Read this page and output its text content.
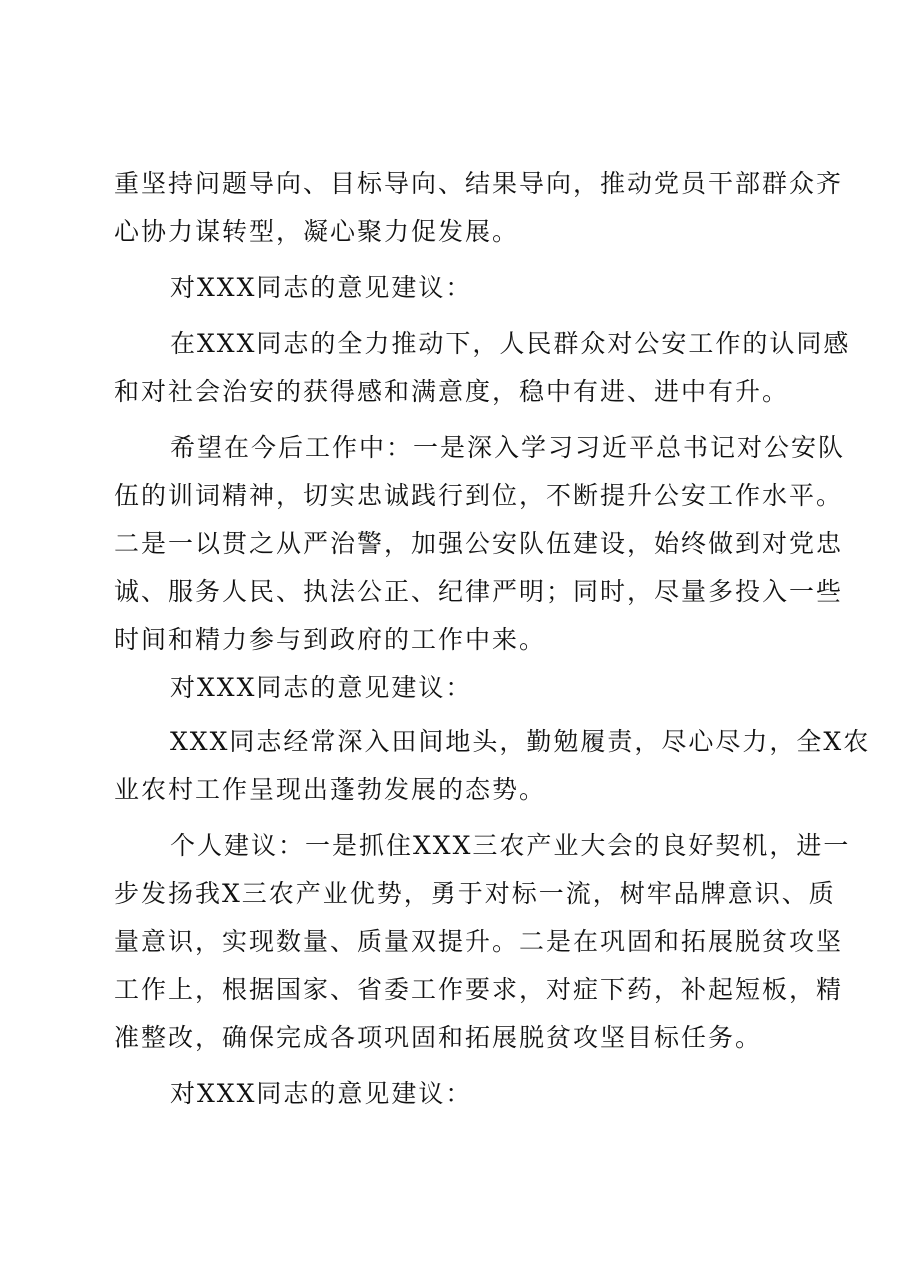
重坚持问题导向、目标导向、结果导向，推动党员干部群众齐
心协力谋转型，凝心聚力促发展。
对XXX同志的意见建议：
在XXX同志的全力推动下，人民群众对公安工作的认同感
和对社会治安的获得感和满意度，稳中有进、进中有升。
希望在今后工作中：一是深入学习习近平总书记对公安队
伍的训词精神，切实忠诚践行到位，不断提升公安工作水平。
二是一以贯之从严治警，加强公安队伍建设，始终做到对党忠
诚、服务人民、执法公正、纪律严明；同时，尽量多投入一些
时间和精力参与到政府的工作中来。
对XXX同志的意见建议：
XXX同志经常深入田间地头，勤勉履责，尽心尽力，全X农
业农村工作呈现出蓬勃发展的态势。
个人建议：一是抓住XXX三农产业大会的良好契机，进一
步发扬我X三农产业优势，勇于对标一流，树牢品牌意识、质
量意识，实现数量、质量双提升。二是在巩固和拓展脱贫攻坚
工作上，根据国家、省委工作要求，对症下药，补起短板，精
准整改，确保完成各项巩固和拓展脱贫攻坚目标任务。
对XXX同志的意见建议：
